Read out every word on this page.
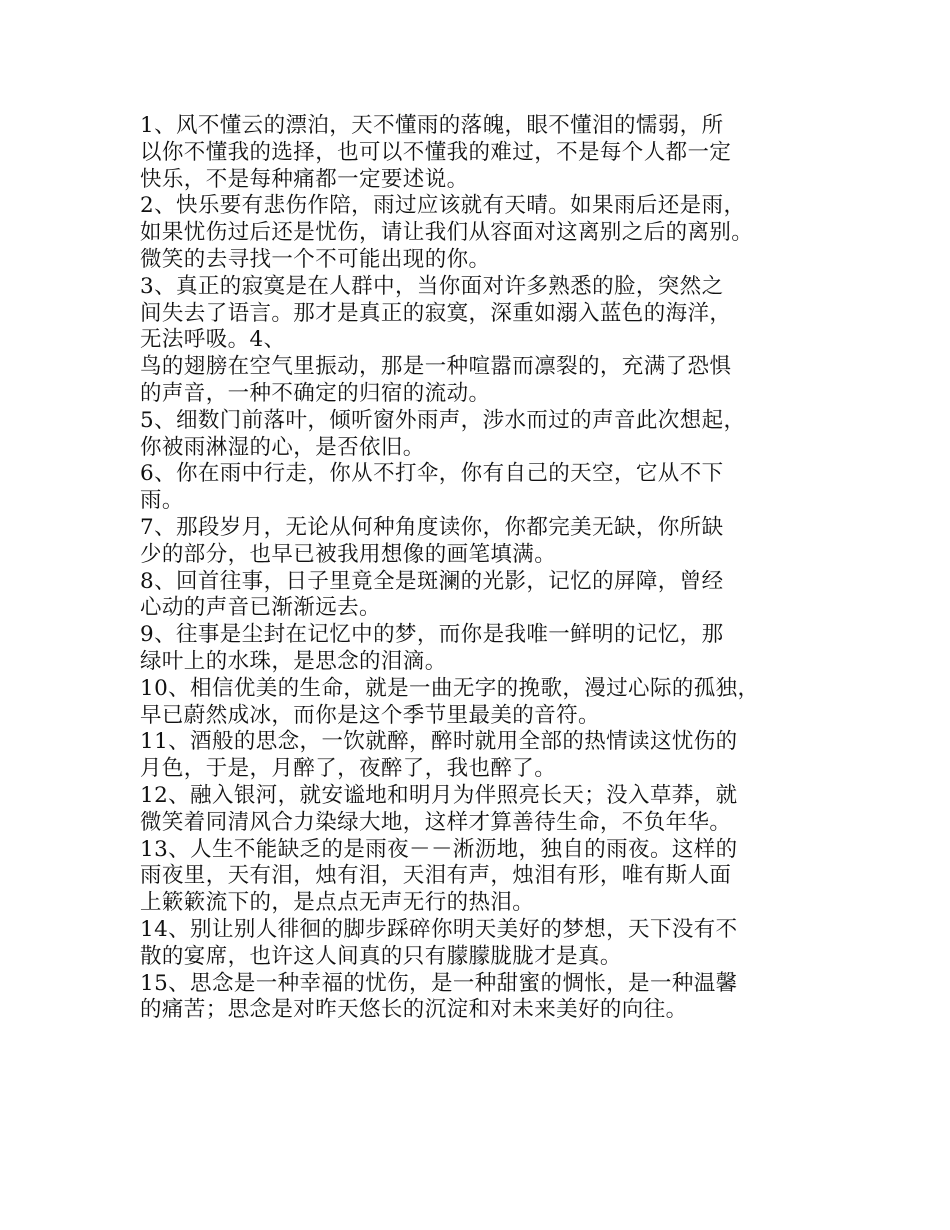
1、风不懂云的漂泊，天不懂雨的落魄，眼不懂泪的懦弱，所
以你不懂我的选择，也可以不懂我的难过，不是每个人都一定
快乐，不是每种痛都一定要述说。
2、快乐要有悲伤作陪，雨过应该就有天晴。如果雨后还是雨，
如果忧伤过后还是忧伤，请让我们从容面对这离别之后的离别。
微笑的去寻找一个不可能出现的你。
3、真正的寂寞是在人群中，当你面对许多熟悉的脸，突然之
间失去了语言。那才是真正的寂寞，深重如溺入蓝色的海洋，
无法呼吸。4、
鸟的翅膀在空气里振动，那是一种喧嚣而凛裂的，充满了恐惧
的声音，一种不确定的归宿的流动。
5、细数门前落叶，倾听窗外雨声，涉水而过的声音此次想起，
你被雨淋湿的心，是否依旧。
6、你在雨中行走，你从不打伞，你有自己的天空，它从不下
雨。
7、那段岁月，无论从何种角度读你，你都完美无缺，你所缺
少的部分，也早已被我用想像的画笔填满。
8、回首往事，日子里竟全是斑澜的光影，记忆的屏障，曾经
心动的声音已渐渐远去。
9、往事是尘封在记忆中的梦，而你是我唯一鲜明的记忆，那
绿叶上的水珠，是思念的泪滴。
10、相信优美的生命，就是一曲无字的挽歌，漫过心际的孤独，
早已蔚然成冰，而你是这个季节里最美的音符。
11、酒般的思念，一饮就醉，醉时就用全部的热情读这忧伤的
月色，于是，月醉了，夜醉了，我也醉了。
12、融入银河，就安谧地和明月为伴照亮长天；没入草莽，就
微笑着同清风合力染绿大地，这样才算善待生命，不负年华。
13、人生不能缺乏的是雨夜－－淅沥地，独自的雨夜。这样的
雨夜里，天有泪，烛有泪，天泪有声，烛泪有形，唯有斯人面
上簌簌流下的，是点点无声无行的热泪。
14、别让别人徘徊的脚步踩碎你明天美好的梦想，天下没有不
散的宴席，也许这人间真的只有朦朦胧胧才是真。
15、思念是一种幸福的忧伤，是一种甜蜜的惆怅，是一种温馨
的痛苦；思念是对昨天悠长的沉淀和对未来美好的向往。
